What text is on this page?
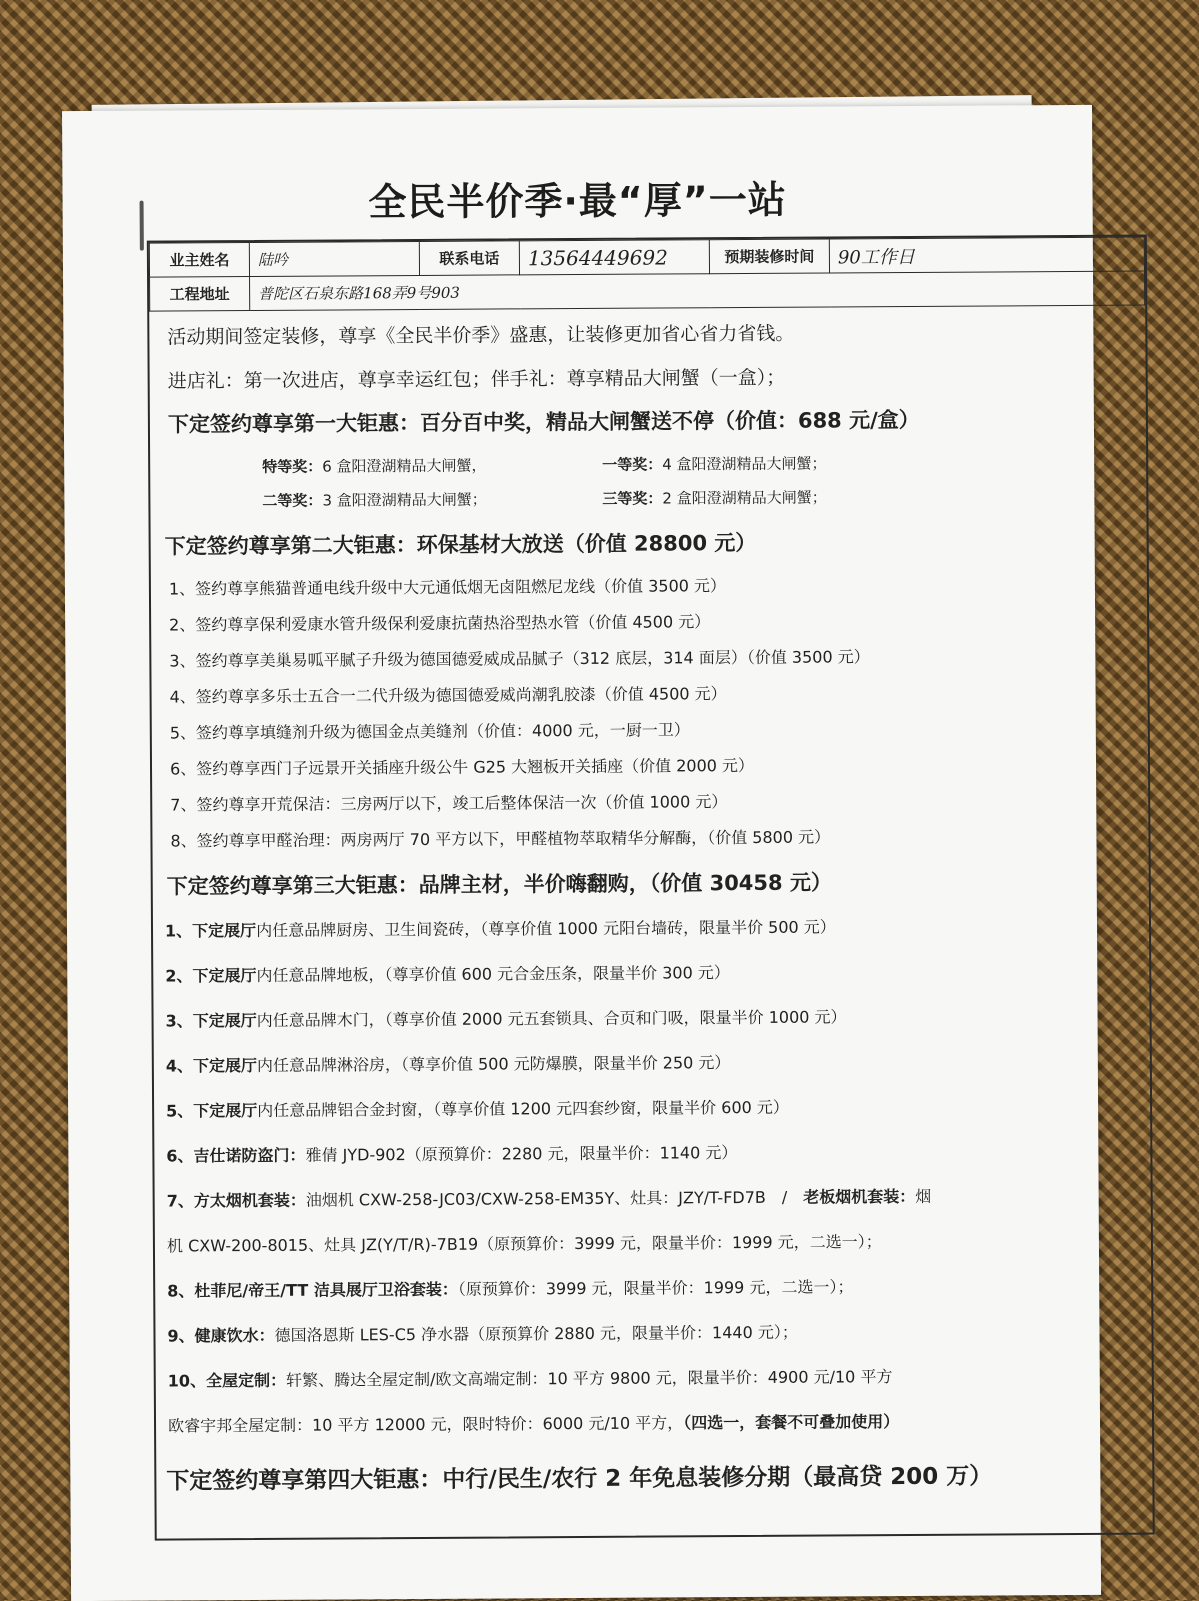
全民半价季·最“厚”一站
业主姓名	陆吟	联系电话	13564449692	预期装修时间	90工作日
工程地址	普陀区石泉东路168弄9号903				
活动期间签定装修，尊享《全民半价季》盛惠，让装修更加省心省力省钱。
进店礼：第一次进店，尊享幸运红包；伴手礼：尊享精品大闸蟹（一盒）；
下定签约尊享第一大钜惠：百分百中奖，精品大闸蟹送不停（价值：688 元/盒）
特等奖：6 盒阳澄湖精品大闸蟹，	一等奖：4 盒阳澄湖精品大闸蟹；
二等奖：3 盒阳澄湖精品大闸蟹；	三等奖：2 盒阳澄湖精品大闸蟹；
下定签约尊享第二大钜惠：环保基材大放送（价值 28800 元）
1、签约尊享熊猫普通电线升级中大元通低烟无卤阻燃尼龙线（价值 3500 元）
2、签约尊享保利爱康水管升级保利爱康抗菌热浴型热水管（价值 4500 元）
3、签约尊享美巢易呱平腻子升级为德国德爱威成品腻子（312 底层，314 面层）（价值 3500 元）
4、签约尊享多乐士五合一二代升级为德国德爱威尚潮乳胶漆（价值 4500 元）
5、签约尊享填缝剂升级为德国金点美缝剂（价值：4000 元，一厨一卫）
6、签约尊享西门子远景开关插座升级公牛 G25 大翘板开关插座（价值 2000 元）
7、签约尊享开荒保洁：三房两厅以下，竣工后整体保洁一次（价值 1000 元）
8、签约尊享甲醛治理：两房两厅 70 平方以下，甲醛植物萃取精华分解酶，（价值 5800 元）
下定签约尊享第三大钜惠：品牌主材，半价嗨翻购，（价值 30458 元）
1、下定展厅内任意品牌厨房、卫生间瓷砖，（尊享价值 1000 元阳台墙砖，限量半价 500 元）
2、下定展厅内任意品牌地板，（尊享价值 600 元合金压条，限量半价 300 元）
3、下定展厅内任意品牌木门，（尊享价值 2000 元五套锁具、合页和门吸，限量半价 1000 元）
4、下定展厅内任意品牌淋浴房，（尊享价值 500 元防爆膜，限量半价 250 元）
5、下定展厅内任意品牌铝合金封窗，（尊享价值 1200 元四套纱窗，限量半价 600 元）
6、吉仕诺防盗门：雅倩 JYD-902（原预算价：2280 元，限量半价：1140 元）
7、方太烟机套装：油烟机 CXW-258-JC03/CXW-258-EM35Y、灶具：JZY/T-FD7B　/　老板烟机套装：烟
机 CXW-200-8015、灶具 JZ(Y/T/R)-7B19（原预算价：3999 元，限量半价：1999 元，二选一）；
8、杜菲尼/帝王/TT 洁具展厅卫浴套装：（原预算价：3999 元，限量半价：1999 元，二选一）；
9、健康饮水：德国洛恩斯 LES-C5 净水器（原预算价 2880 元，限量半价：1440 元）；
10、全屋定制：轩繁、腾达全屋定制/欧文高端定制：10 平方 9800 元，限量半价：4900 元/10 平方
欧睿宇邦全屋定制：10 平方 12000 元，限时特价：6000 元/10 平方，（四选一，套餐不可叠加使用）
下定签约尊享第四大钜惠：中行/民生/农行 2 年免息装修分期（最高贷 200 万）
